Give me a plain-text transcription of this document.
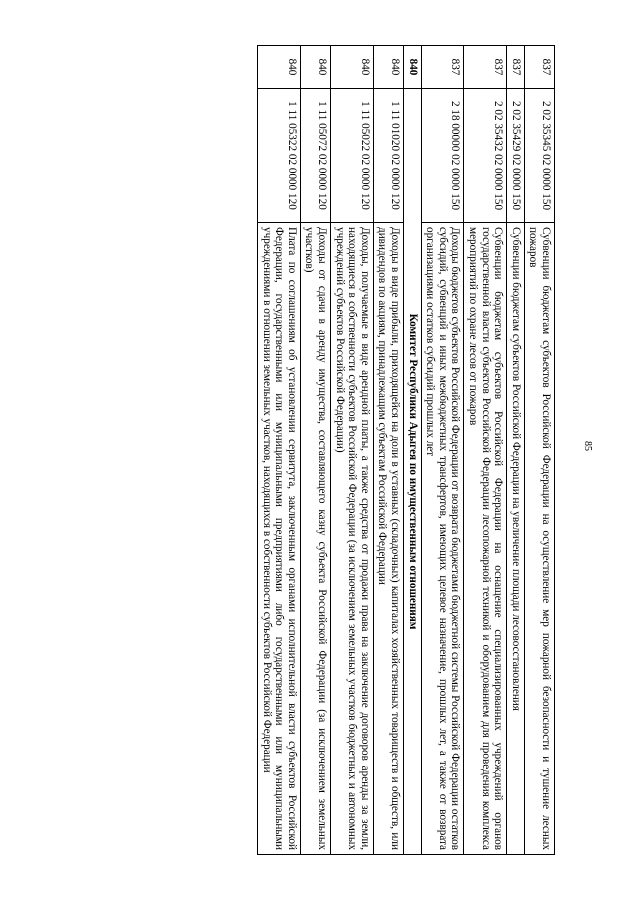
85
837	2 02 35345 02 0000 150	Субвенции бюджетам субъектов Российской Федерации на осуществление мер пожарной безопасности и тушение лесных пожаров
837	2 02 35429 02 0000 150	Субвенции бюджетам субъектов Российской Федерации на увеличение площади лесовосстановления
837	2 02 35432 02 0000 150	Субвенции бюджетам субъектов Российской Федерации на оснащение специализированных учреждений органов государственной власти субъектов Российской Федерации лесопожарной техникой и оборудованием для проведения комплекса мероприятий по охране лесов от пожаров
837	2 18 00000 02 0000 150	Доходы бюджетов субъектов Российской Федерации от возврата бюджетами бюджетной системы Российской Федерации остатков субсидий, субвенций и иных межбюджетных трансфертов, имеющих целевое назначение, прошлых лет, а также от возврата организациями остатков субсидий прошлых лет
840	Комитет Республики Адыгея по имущественным отношениям	
840	1 11 01020 02 0000 120	Доходы в виде прибыли, приходящейся на доли в уставных (складочных) капиталах хозяйственных товариществ и обществ, или дивидендов по акциям, принадлежащим субъектам Российской Федерации
840	1 11 05022 02 0000 120	Доходы, получаемые в виде арендной платы, а также средства от продажи права на заключение договоров аренды за земли, находящиеся в собственности субъектов Российской Федерации (за исключением земельных участков бюджетных и автономных учреждений субъектов Российской Федерации)
840	1 11 05072 02 0000 120	Доходы от сдачи в аренду имущества, составляющего казну субъекта Российской Федерации (за исключением земельных участков)
840	1 11 05322 02 0000 120	Плата по соглашениям об установлении сервитута, заключенным органами исполнительной власти субъектов Российской Федерации, государственными или муниципальными предприятиями либо государственными или муниципальными учреждениями в отношении земельных участков, находящихся в собственности субъектов Российской Федерации
